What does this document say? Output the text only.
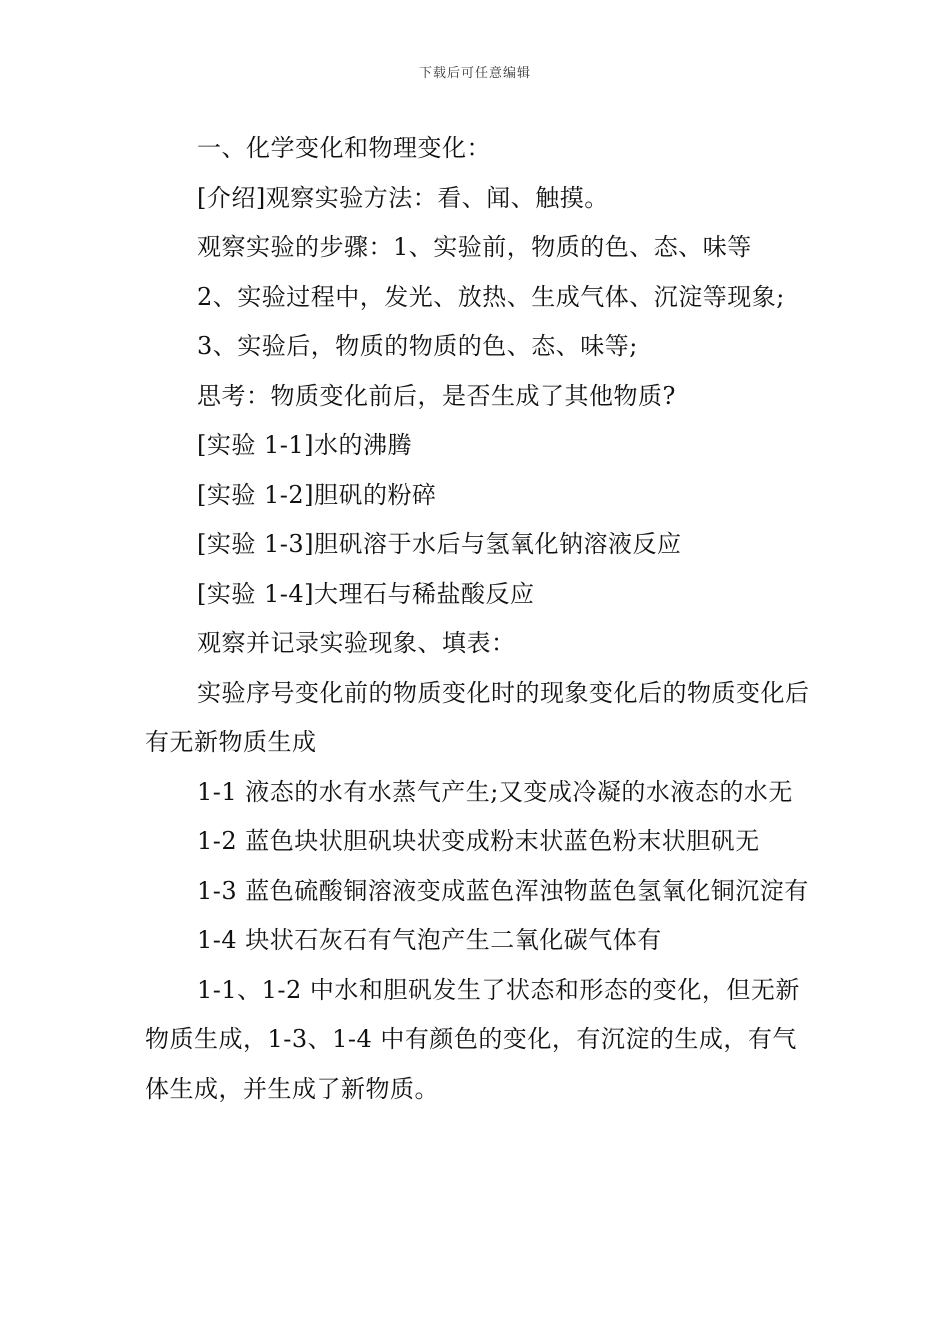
下载后可任意编辑

一、化学变化和物理变化：

[介绍]观察实验方法：看、闻、触摸。

观察实验的步骤：1、实验前，物质的色、态、味等

2、实验过程中，发光、放热、生成气体、沉淀等现象;

3、实验后，物质的物质的色、态、味等;

思考：物质变化前后，是否生成了其他物质?

[实验 1-1]水的沸腾

[实验 1-2]胆矾的粉碎

[实验 1-3]胆矾溶于水后与氢氧化钠溶液反应

[实验 1-4]大理石与稀盐酸反应

观察并记录实验现象、填表：

实验序号变化前的物质变化时的现象变化后的物质变化后有无新物质生成

1-1 液态的水有水蒸气产生;又变成冷凝的水液态的水无

1-2 蓝色块状胆矾块状变成粉末状蓝色粉末状胆矾无

1-3 蓝色硫酸铜溶液变成蓝色浑浊物蓝色氢氧化铜沉淀有

1-4 块状石灰石有气泡产生二氧化碳气体有

1-1、1-2 中水和胆矾发生了状态和形态的变化，但无新物质生成，1-3、1-4 中有颜色的变化，有沉淀的生成，有气体生成，并生成了新物质。
